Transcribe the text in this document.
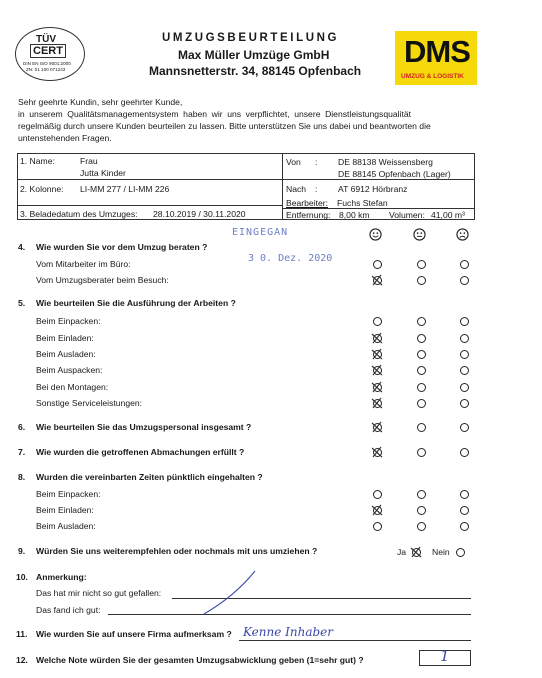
TÜV
CERT
DIN EN ISO 9001:2000
ZN: 01 100 071243
DMS
UMZUG & LOGISTIK
UMZUGSBEURTEILUNG
Max Müller Umzüge GmbH
Mannsnetterstr. 34, 88145 Opfenbach
Sehr geehrte Kundin, sehr geehrter Kunde,
in unserem Qualitätsmanagementsystem haben wir uns verpflichtet, unsere Dienstleistungsqualität
regelmäßig durch unsere Kunden beurteilen zu lassen. Bitte unterstützen Sie uns dabei und beantworten die
untenstehenden Fragen.
1. Name:	Frau
Jutta Kinder
2. Kolonne: LI-MM 277 / LI-MM 226
3. Beladedatum des Umzuges: 28.10.2019 / 30.11.2020
Von : DE 88138 Weissensberg
DE 88145 Opfenbach (Lager)
Nach : AT 6912 Hörbranz
Bearbeiter: Fuchs Stefan
Entfernung: 8,00 km Volumen: 41,00 m³
EINGEGAN
3 0. Dez. 2020
4. Wie wurden Sie vor dem Umzug beraten ?
Vom Mitarbeiter im Büro:
Vom Umzugsberater beim Besuch:
5. Wie beurteilen Sie die Ausführung der Arbeiten ?
Beim Einpacken:
Beim Einladen:
Beim Ausladen:
Beim Auspacken:
Bei den Montagen:
Sonstige Serviceleistungen:
6. Wie beurteilen Sie das Umzugspersonal insgesamt ?
7. Wie wurden die getroffenen Abmachungen erfüllt ?
8. Wurden die vereinbarten Zeiten pünktlich eingehalten ?
Beim Einpacken:
Beim Einladen:
Beim Ausladen:
9. Würden Sie uns weiterempfehlen oder nochmals mit uns umziehen ?	Ja	Nein
10. Anmerkung:
Das hat mir nicht so gut gefallen:
Das fand ich gut:
11. Wie wurden Sie auf unsere Firma aufmerksam ? Kenne Inhaber
12. Welche Note würden Sie der gesamten Umzugsabwicklung geben (1=sehr gut) ?	1
